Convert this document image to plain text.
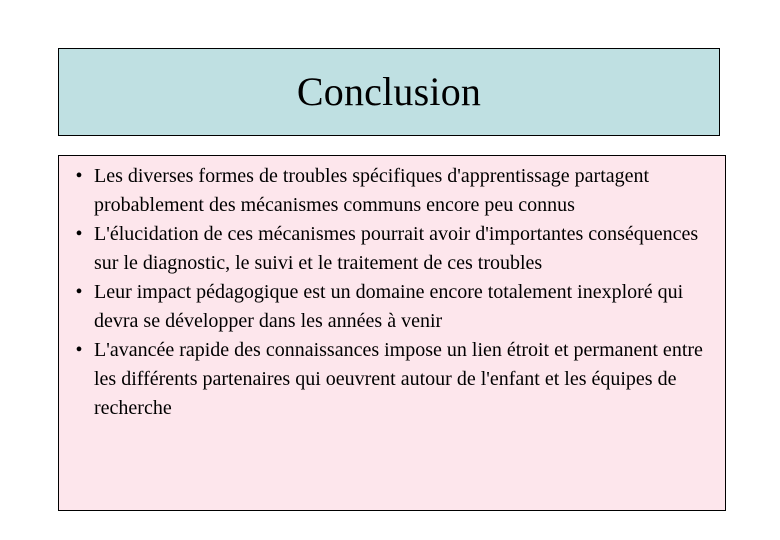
Conclusion
• Les diverses formes de troubles spécifiques d'apprentissage partagent probablement des mécanismes communs encore peu connus
• L'élucidation de ces mécanismes pourrait avoir d'importantes conséquences sur le diagnostic, le suivi et le traitement de ces troubles
• Leur impact pédagogique est un domaine encore totalement inexploré qui devra se développer dans les années à venir
• L'avancée rapide des connaissances impose un lien étroit et permanent entre les différents partenaires qui oeuvrent autour de l'enfant et les équipes de recherche
